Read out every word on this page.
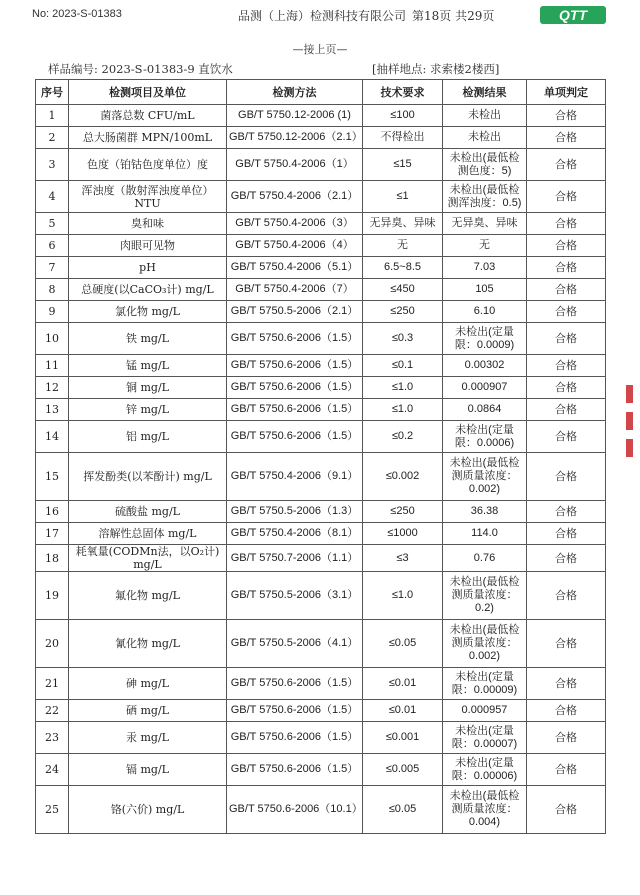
No: 2023-S-01383	品测（上海）检测科技有限公司 第18页 共29页	QTT
—接上页—
样品编号: 2023-S-01383-9 直饮水	[抽样地点: 求索楼2楼西]
序号	检测项目及单位	检测方法	技术要求	检测结果	单项判定
1	菌落总数 CFU/mL	GB/T 5750.12-2006 (1)	≤100	未检出	合格
2	总大肠菌群 MPN/100mL	GB/T 5750.12-2006（2.1）	不得检出	未检出	合格
3	色度（铂钴色度单位）度	GB/T 5750.4-2006（1）	≤15	未检出(最低检测色度：5)	合格
4	浑浊度（散射浑浊度单位）NTU	GB/T 5750.4-2006（2.1）	≤1	未检出(最低检测浑浊度：0.5)	合格
5	臭和味	GB/T 5750.4-2006（3）	无异臭、异味	无异臭、异味	合格
6	肉眼可见物	GB/T 5750.4-2006（4）	无	无	合格
7	pH	GB/T 5750.4-2006（5.1）	6.5~8.5	7.03	合格
8	总硬度(以CaCO₃计) mg/L	GB/T 5750.4-2006（7）	≤450	105	合格
9	氯化物 mg/L	GB/T 5750.5-2006（2.1）	≤250	6.10	合格
10	铁 mg/L	GB/T 5750.6-2006（1.5）	≤0.3	未检出(定量限：0.0009)	合格
11	锰 mg/L	GB/T 5750.6-2006（1.5）	≤0.1	0.00302	合格
12	铜 mg/L	GB/T 5750.6-2006（1.5）	≤1.0	0.000907	合格
13	锌 mg/L	GB/T 5750.6-2006（1.5）	≤1.0	0.0864	合格
14	铝 mg/L	GB/T 5750.6-2006（1.5）	≤0.2	未检出(定量限：0.0006)	合格
15	挥发酚类(以苯酚计) mg/L	GB/T 5750.4-2006（9.1）	≤0.002	未检出(最低检测质量浓度：0.002)	合格
16	硫酸盐 mg/L	GB/T 5750.5-2006（1.3）	≤250	36.38	合格
17	溶解性总固体 mg/L	GB/T 5750.4-2006（8.1）	≤1000	114.0	合格
18	耗氧量(CODMn法，以O₂计) mg/L	GB/T 5750.7-2006（1.1）	≤3	0.76	合格
19	氟化物 mg/L	GB/T 5750.5-2006（3.1）	≤1.0	未检出(最低检测质量浓度：0.2)	合格
20	氰化物 mg/L	GB/T 5750.5-2006（4.1）	≤0.05	未检出(最低检测质量浓度：0.002)	合格
21	砷 mg/L	GB/T 5750.6-2006（1.5）	≤0.01	未检出(定量限：0.00009)	合格
22	硒 mg/L	GB/T 5750.6-2006（1.5）	≤0.01	0.000957	合格
23	汞 mg/L	GB/T 5750.6-2006（1.5）	≤0.001	未检出(定量限：0.00007)	合格
24	镉 mg/L	GB/T 5750.6-2006（1.5）	≤0.005	未检出(定量限：0.00006)	合格
25	铬(六价) mg/L	GB/T 5750.6-2006（10.1）	≤0.05	未检出(最低检测质量浓度：0.004)	合格
